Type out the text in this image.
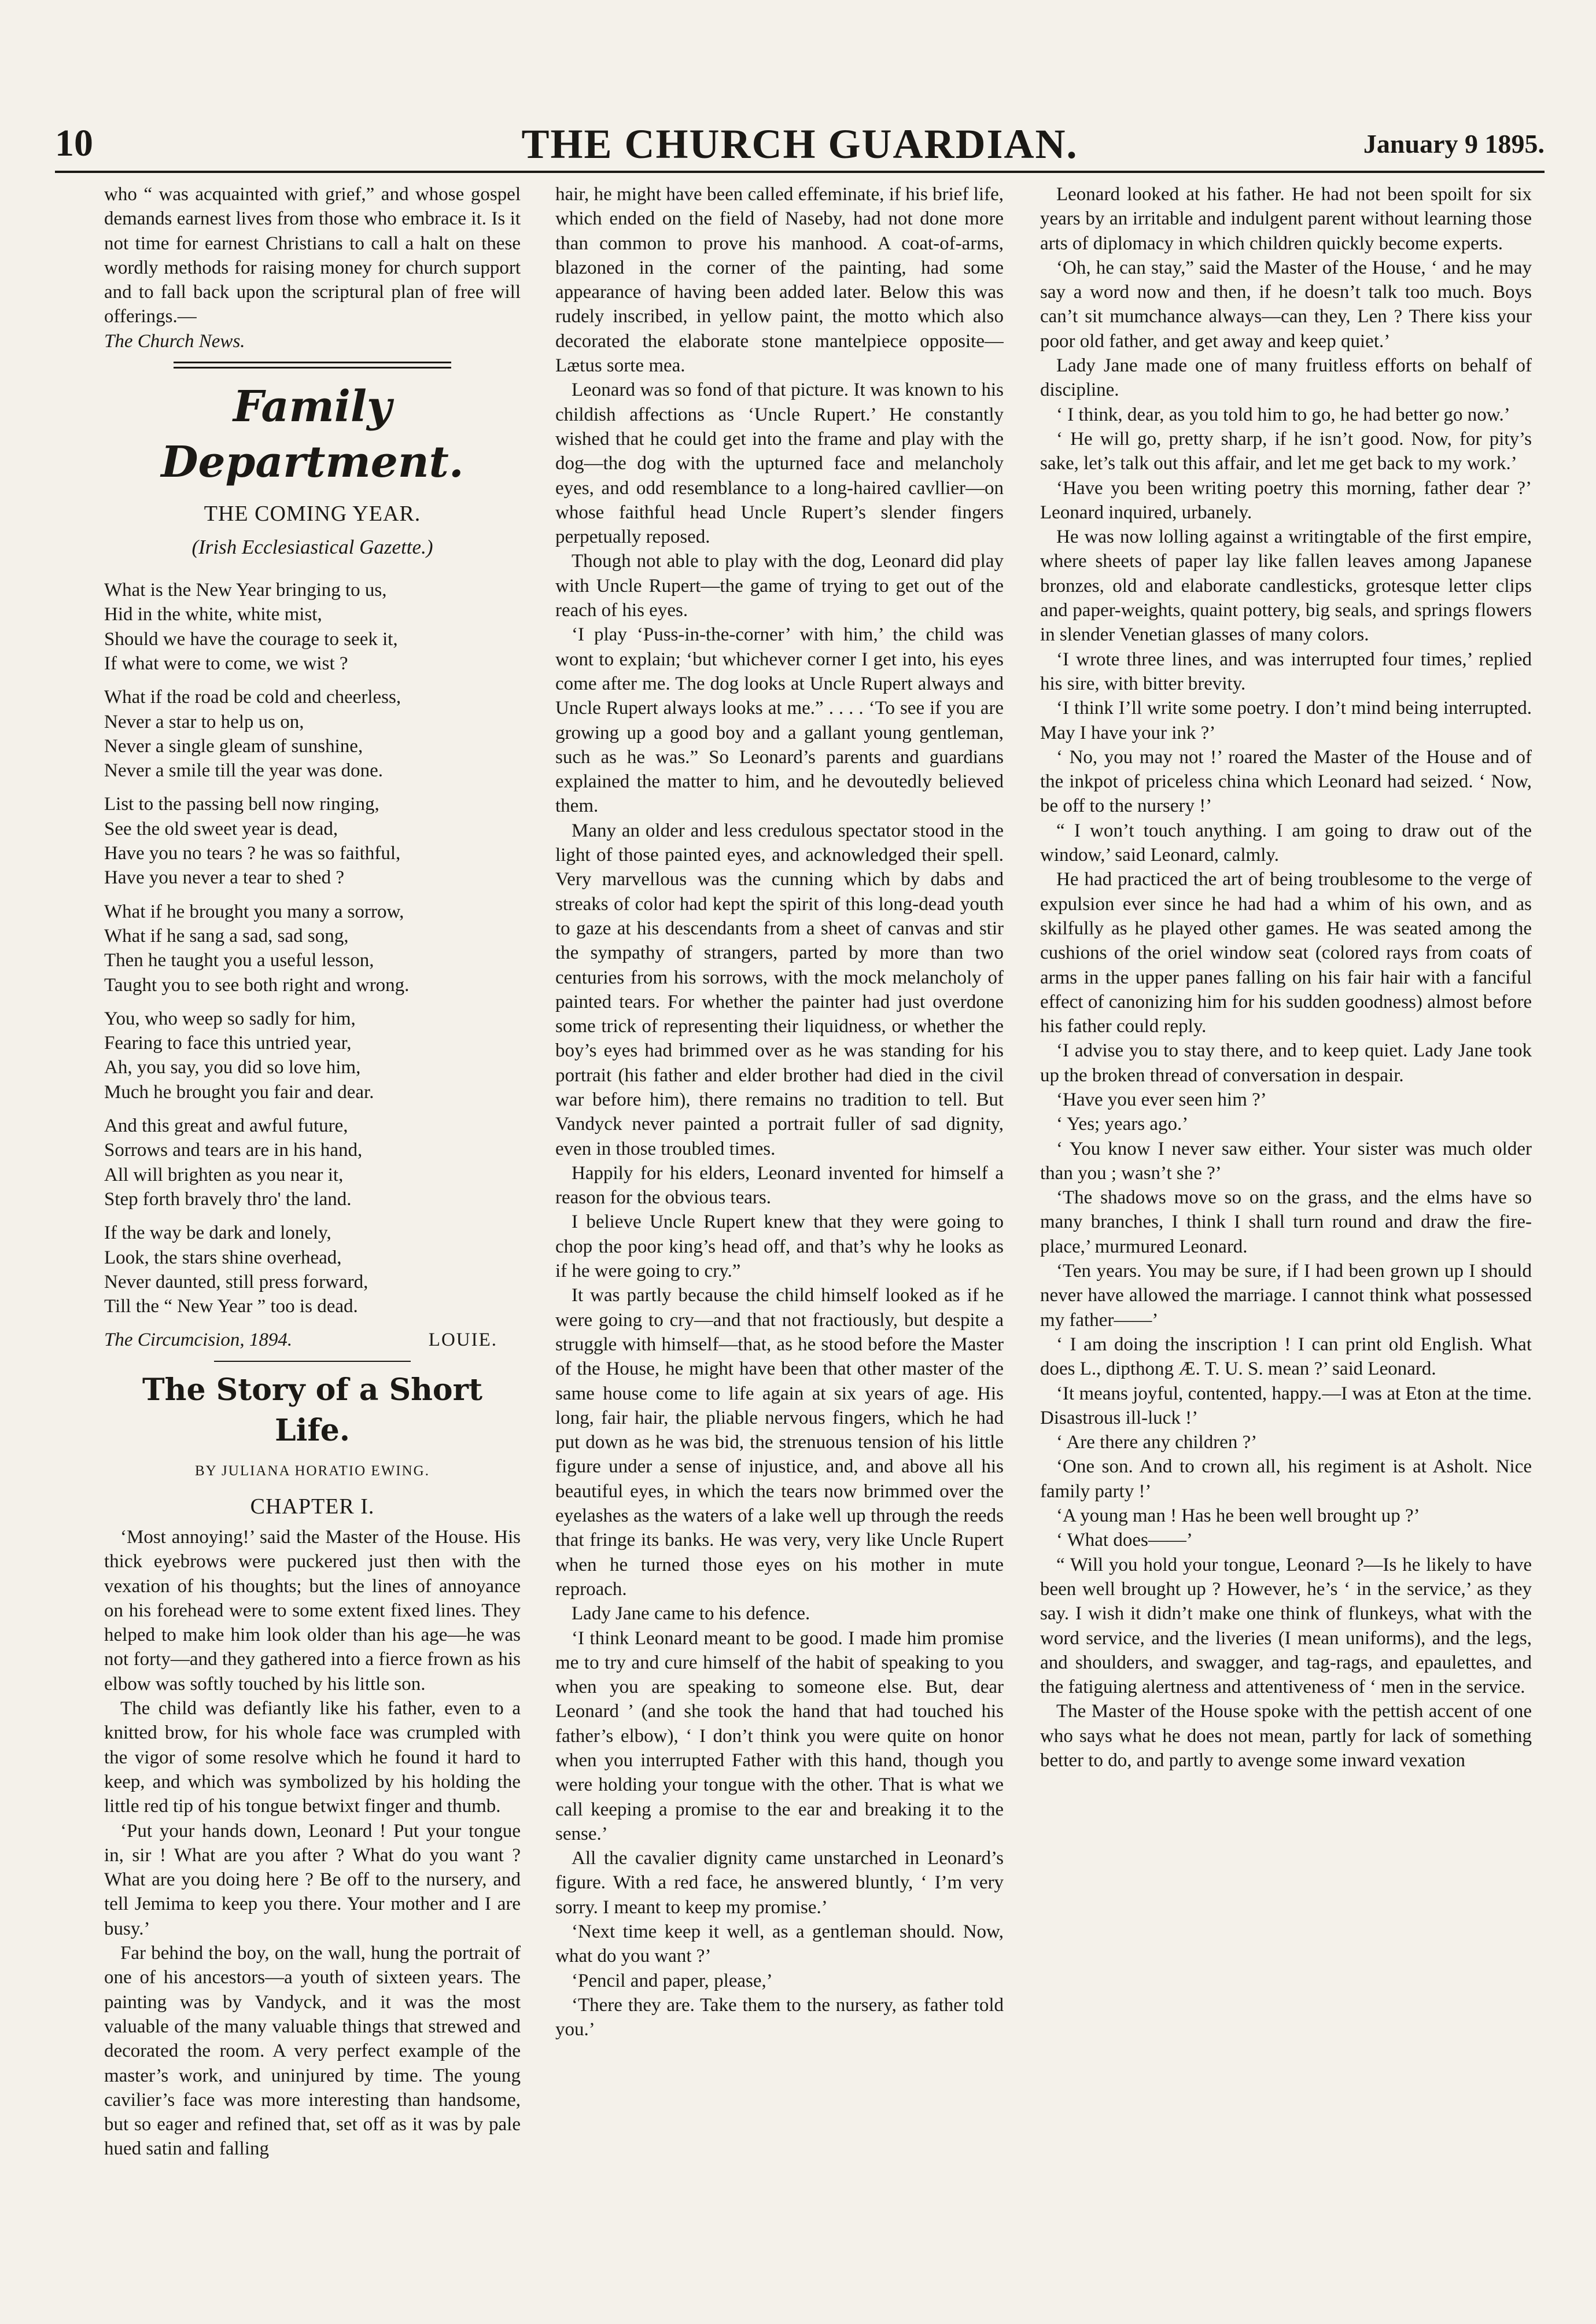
10	THE CHURCH GUARDIAN.	January 9 1895.

who “ was acquainted with grief,” and whose gospel demands earnest lives from those who embrace it. Is it not time for earnest Christians to call a halt on these wordly methods for raising money for church support and to fall back upon the scriptural plan of free will offerings.—

The Church News.

Family Department.
THE COMING YEAR.
(Irish Ecclesiastical Gazette.)
What is the New Year bringing to us,
Hid in the white, white mist,
Should we have the courage to seek it,
If what were to come, we wist ?
What if the road be cold and cheerless,
Never a star to help us on,
Never a single gleam of sunshine,
Never a smile till the year was done.
List to the passing bell now ringing,
See the old sweet year is dead,
Have you no tears ? he was so faithful,
Have you never a tear to shed ?
What if he brought you many a sorrow,
What if he sang a sad, sad song,
Then he taught you a useful lesson,
Taught you to see both right and wrong.
You, who weep so sadly for him,
Fearing to face this untried year,
Ah, you say, you did so love him,
Much he brought you fair and dear.
And this great and awful future,
Sorrows and tears are in his hand,
All will brighten as you near it,
Step forth bravely thro' the land.
If the way be dark and lonely,
Look, the stars shine overhead,
Never daunted, still press forward,
Till the “ New Year ” too is dead.
The Circumcision, 1894.	LOUIE.
The Story of a Short Life.
BY JULIANA HORATIO EWING.
CHAPTER I.

‘Most annoying!’ said the Master of the House. His thick eyebrows were puckered just then with the vexation of his thoughts; but the lines of annoyance on his forehead were to some extent fixed lines. They helped to make him look older than his age—he was not forty—and they gathered into a fierce frown as his elbow was softly touched by his little son.

The child was defiantly like his father, even to a knitted brow, for his whole face was crumpled with the vigor of some resolve which he found it hard to keep, and which was symbolized by his holding the little red tip of his tongue betwixt finger and thumb.

‘Put your hands down, Leonard ! Put your tongue in, sir ! What are you after ? What do you want ? What are you doing here ? Be off to the nursery, and tell Jemima to keep you there. Your mother and I are busy.’

Far behind the boy, on the wall, hung the portrait of one of his ancestors—a youth of sixteen years. The painting was by Vandyck, and it was the most valuable of the many valuable things that strewed and decorated the room. A very perfect example of the master’s work, and uninjured by time. The young cavilier’s face was more interesting than handsome, but so eager and refined that, set off as it was by pale hued satin and falling

hair, he might have been called effeminate, if his brief life, which ended on the field of Naseby, had not done more than common to prove his manhood. A coat-of-arms, blazoned in the corner of the painting, had some appearance of having been added later. Below this was rudely inscribed, in yellow paint, the motto which also decorated the elaborate stone mantelpiece opposite—Lætus sorte mea.

Leonard was so fond of that picture. It was known to his childish affections as ‘Uncle Rupert.’ He constantly wished that he could get into the frame and play with the dog—the dog with the upturned face and melancholy eyes, and odd resemblance to a long-haired cavllier—on whose faithful head Uncle Rupert’s slender fingers perpetually reposed.

Though not able to play with the dog, Leonard did play with Uncle Rupert—the game of trying to get out of the reach of his eyes.

‘I play ‘Puss-in-the-corner’ with him,’ the child was wont to explain; ‘but whichever corner I get into, his eyes come after me. The dog looks at Uncle Rupert always and Uncle Rupert always looks at me.” . . . . ‘To see if you are growing up a good boy and a gallant young gentleman, such as he was.” So Leonard’s parents and guardians explained the matter to him, and he devoutedly believed them.

Many an older and less credulous spectator stood in the light of those painted eyes, and acknowledged their spell. Very marvellous was the cunning which by dabs and streaks of color had kept the spirit of this long-dead youth to gaze at his descendants from a sheet of canvas and stir the sympathy of strangers, parted by more than two centuries from his sorrows, with the mock melancholy of painted tears. For whether the painter had just overdone some trick of representing their liquidness, or whether the boy’s eyes had brimmed over as he was standing for his portrait (his father and elder brother had died in the civil war before him), there remains no tradition to tell. But Vandyck never painted a portrait fuller of sad dignity, even in those troubled times.

Happily for his elders, Leonard invented for himself a reason for the obvious tears.

I believe Uncle Rupert knew that they were going to chop the poor king’s head off, and that’s why he looks as if he were going to cry.”

It was partly because the child himself looked as if he were going to cry—and that not fractiously, but despite a struggle with himself—that, as he stood before the Master of the House, he might have been that other master of the same house come to life again at six years of age. His long, fair hair, the pliable nervous fingers, which he had put down as he was bid, the strenuous tension of his little figure under a sense of injustice, and, and above all his beautiful eyes, in which the tears now brimmed over the eyelashes as the waters of a lake well up through the reeds that fringe its banks. He was very, very like Uncle Rupert when he turned those eyes on his mother in mute reproach.

Lady Jane came to his defence.

‘I think Leonard meant to be good. I made him promise me to try and cure himself of the habit of speaking to you when you are speaking to someone else. But, dear Leonard ’ (and she took the hand that had touched his father’s elbow), ‘ I don’t think you were quite on honor when you interrupted Father with this hand, though you were holding your tongue with the other. That is what we call keeping a promise to the ear and breaking it to the sense.’

All the cavalier dignity came unstarched in Leonard’s figure. With a red face, he answered bluntly, ‘ I’m very sorry. I meant to keep my promise.’

‘Next time keep it well, as a gentleman should. Now, what do you want ?’

‘Pencil and paper, please,’

‘There they are. Take them to the nursery, as father told you.’

Leonard looked at his father. He had not been spoilt for six years by an irritable and indulgent parent without learning those arts of diplomacy in which children quickly become experts.

‘Oh, he can stay,” said the Master of the House, ‘ and he may say a word now and then, if he doesn’t talk too much. Boys can’t sit mumchance always—can they, Len ? There kiss your poor old father, and get away and keep quiet.’

Lady Jane made one of many fruitless efforts on behalf of discipline.

‘ I think, dear, as you told him to go, he had better go now.’

‘ He will go, pretty sharp, if he isn’t good. Now, for pity’s sake, let’s talk out this affair, and let me get back to my work.’

‘Have you been writing poetry this morning, father dear ?’ Leonard inquired, urbanely.

He was now lolling against a writingtable of the first empire, where sheets of paper lay like fallen leaves among Japanese bronzes, old and elaborate candlesticks, grotesque letter clips and paper-weights, quaint pottery, big seals, and springs flowers in slender Venetian glasses of many colors.

‘I wrote three lines, and was interrupted four times,’ replied his sire, with bitter brevity.

‘I think I’ll write some poetry. I don’t mind being interrupted. May I have your ink ?’

‘ No, you may not !’ roared the Master of the House and of the inkpot of priceless china which Leonard had seized. ‘ Now, be off to the nursery !’

“ I won’t touch anything. I am going to draw out of the window,’ said Leonard, calmly.

He had practiced the art of being troublesome to the verge of expulsion ever since he had had a whim of his own, and as skilfully as he played other games. He was seated among the cushions of the oriel window seat (colored rays from coats of arms in the upper panes falling on his fair hair with a fanciful effect of canonizing him for his sudden goodness) almost before his father could reply.

‘I advise you to stay there, and to keep quiet. Lady Jane took up the broken thread of conversation in despair.

‘Have you ever seen him ?’

‘ Yes; years ago.’

‘ You know I never saw either. Your sister was much older than you ; wasn’t she ?’

‘The shadows move so on the grass, and the elms have so many branches, I think I shall turn round and draw the fire-place,’ murmured Leonard.

‘Ten years. You may be sure, if I had been grown up I should never have allowed the marriage. I cannot think what possessed my father——’

‘ I am doing the inscription ! I can print old English. What does L., dipthong Æ. T. U. S. mean ?’ said Leonard.

‘It means joyful, contented, happy.—I was at Eton at the time. Disastrous ill-luck !’

‘ Are there any children ?’

‘One son. And to crown all, his regiment is at Asholt. Nice family party !’

‘A young man ! Has he been well brought up ?’

‘ What does——’

“ Will you hold your tongue, Leonard ?—Is he likely to have been well brought up ? However, he’s ‘ in the service,’ as they say. I wish it didn’t make one think of flunkeys, what with the word service, and the liveries (I mean uniforms), and the legs, and shoulders, and swagger, and tag-rags, and epaulettes, and the fatiguing alertness and attentiveness of ‘ men in the service.

The Master of the House spoke with the pettish accent of one who says what he does not mean, partly for lack of something better to do, and partly to avenge some inward vexation
